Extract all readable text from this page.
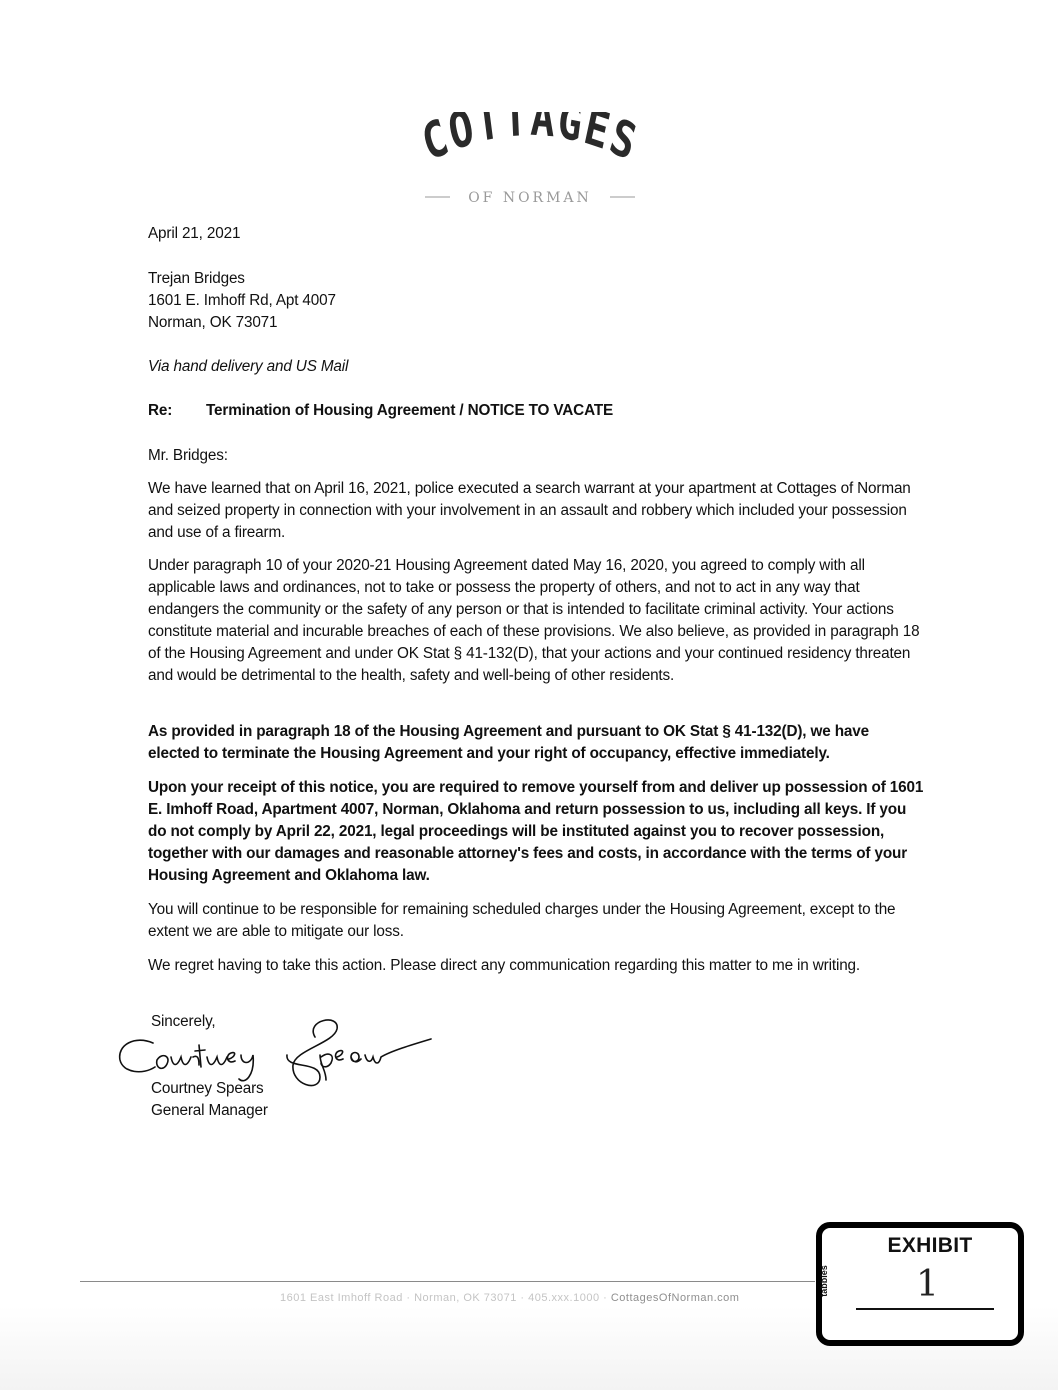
COTTAGES
OF NORMAN
April 21, 2021
Trejan Bridges
1601 E. Imhoff Rd, Apt 4007
Norman, OK 73071
Via hand delivery and US Mail
Re: Termination of Housing Agreement / NOTICE TO VACATE
Mr. Bridges:
We have learned that on April 16, 2021, police executed a search warrant at your apartment at Cottages of Norman and seized property in connection with your involvement in an assault and robbery which included your possession and use of a firearm.
Under paragraph 10 of your 2020-21 Housing Agreement dated May 16, 2020, you agreed to comply with all applicable laws and ordinances, not to take or possess the property of others, and not to act in any way that endangers the community or the safety of any person or that is intended to facilitate criminal activity. Your actions constitute material and incurable breaches of each of these provisions. We also believe, as provided in paragraph 18 of the Housing Agreement and under OK Stat § 41-132(D), that your actions and your continued residency threaten and would be detrimental to the health, safety and well-being of other residents.
As provided in paragraph 18 of the Housing Agreement and pursuant to OK Stat § 41-132(D), we have elected to terminate the Housing Agreement and your right of occupancy, effective immediately.
Upon your receipt of this notice, you are required to remove yourself from and deliver up possession of 1601 E. Imhoff Road, Apartment 4007, Norman, Oklahoma and return possession to us, including all keys. If you do not comply by April 22, 2021, legal proceedings will be instituted against you to recover possession, together with our damages and reasonable attorney's fees and costs, in accordance with the terms of your Housing Agreement and Oklahoma law.
You will continue to be responsible for remaining scheduled charges under the Housing Agreement, except to the extent we are able to mitigate our loss.
We regret having to take this action. Please direct any communication regarding this matter to me in writing.
Sincerely,
Courtney Spears
General Manager
1601 East Imhoff Road · Norman, OK 73071 · 405.xxx.1000 · CottagesOfNorman.com
EXHIBIT
tabbies 1
